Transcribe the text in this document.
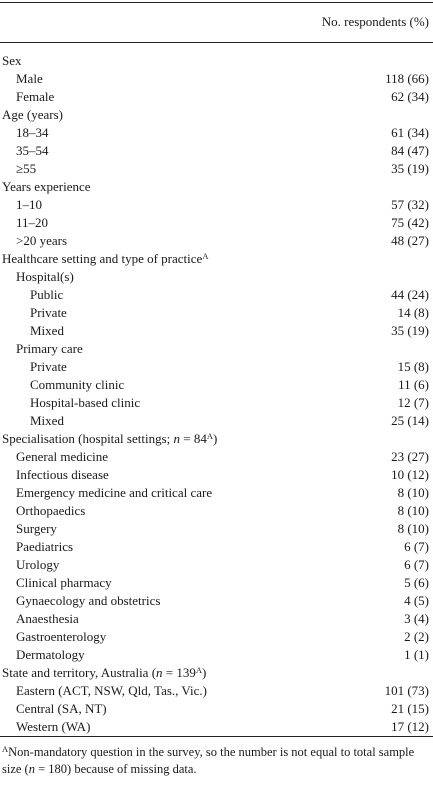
No. respondents (%)
Sex
Male	118 (66)
Female	62 (34)
Age (years)
18–34	61 (34)
35–54	84 (47)
≥55	35 (19)
Years experience
1–10	57 (32)
11–20	75 (42)
>20 years	48 (27)
Healthcare setting and type of practice$^A$
Hospital(s)
Public	44 (24)
Private	14 (8)
Mixed	35 (19)
Primary care
Private	15 (8)
Community clinic	11 (6)
Hospital-based clinic	12 (7)
Mixed	25 (14)
Specialisation (hospital settings; $n = 84^A$)
General medicine	23 (27)
Infectious disease	10 (12)
Emergency medicine and critical care	8 (10)
Orthopaedics	8 (10)
Surgery	8 (10)
Paediatrics	6 (7)
Urology	6 (7)
Clinical pharmacy	5 (6)
Gynaecology and obstetrics	4 (5)
Anaesthesia	3 (4)
Gastroenterology	2 (2)
Dermatology	1 (1)
State and territory, Australia $(n = 139^A)$
Eastern (ACT, NSW, Qld, Tas., Vic.)	101 (73)
Central (SA, NT)	21 (15)
Western (WA)	17 (12)
$^A$Non-mandatory question in the survey, so the number is not equal to total sample size (n = 180) because of missing data.
